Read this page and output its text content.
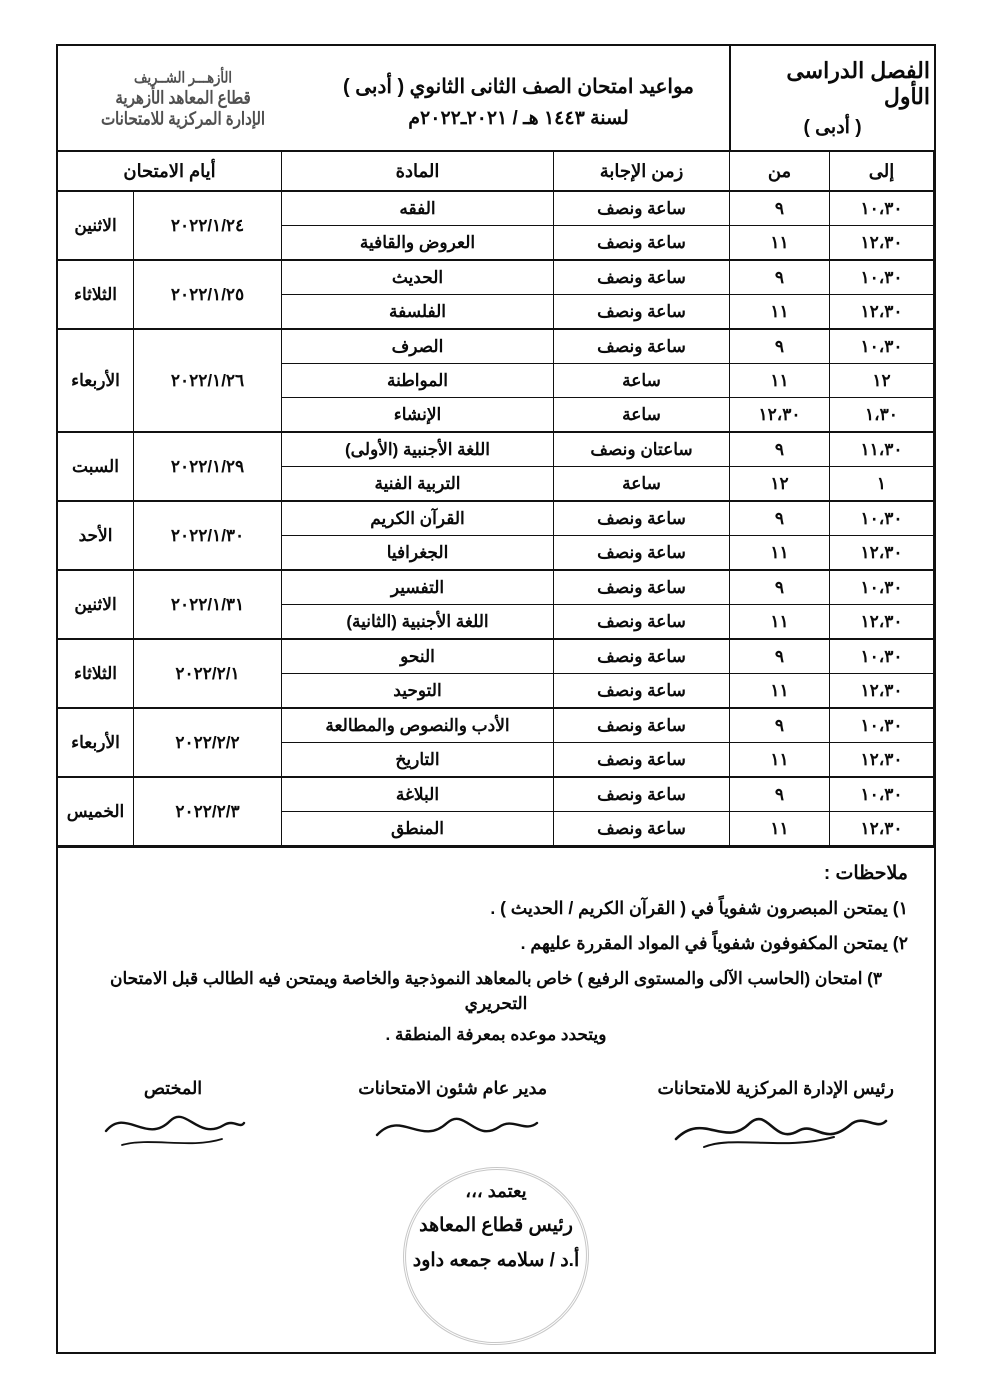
الفصل الدراسى الأول
( أدبى )
مواعيد امتحان الصف الثانى الثانوي ( أدبى )
لسنة ١٤٤٣ هـ / ٢٠٢١ـ٢٠٢٢م
الأزهـــر الشــريف
قطاع المعاهد الأزهرية
الإدارة المركزية للامتحانات
إلى	من	زمن الإجابة	المادة	أيام الامتحان	
١٠،٣٠	٩	ساعة ونصف	الفقه	٢٠٢٢/١/٢٤	الاثنين
١٢،٣٠	١١	ساعة ونصف	العروض والقافية		
١٠،٣٠	٩	ساعة ونصف	الحديث	٢٠٢٢/١/٢٥	الثلاثاء
١٢،٣٠	١١	ساعة ونصف	الفلسفة		
١٠،٣٠	٩	ساعة ونصف	الصرف	٢٠٢٢/١/٢٦	الأربعاء
١٢	١١	ساعة	المواطنة		
١،٣٠	١٢،٣٠	ساعة	الإنشاء		
١١،٣٠	٩	ساعتان ونصف	اللغة الأجنبية (الأولى)	٢٠٢٢/١/٢٩	السبت
١	١٢	ساعة	التربية الفنية		
١٠،٣٠	٩	ساعة ونصف	القرآن الكريم	٢٠٢٢/١/٣٠	الأحد
١٢،٣٠	١١	ساعة ونصف	الجغرافيا		
١٠،٣٠	٩	ساعة ونصف	التفسير	٢٠٢٢/١/٣١	الاثنين
١٢،٣٠	١١	ساعة ونصف	اللغة الأجنبية (الثانية)		
١٠،٣٠	٩	ساعة ونصف	النحو	٢٠٢٢/٢/١	الثلاثاء
١٢،٣٠	١١	ساعة ونصف	التوحيد		
١٠،٣٠	٩	ساعة ونصف	الأدب والنصوص والمطالعة	٢٠٢٢/٢/٢	الأربعاء
١٢،٣٠	١١	ساعة ونصف	التاريخ		
١٠،٣٠	٩	ساعة ونصف	البلاغة	٢٠٢٢/٢/٣	الخميس
١٢،٣٠	١١	ساعة ونصف	المنطق		
ملاحظات :

١) يمتحن المبصرون شفوياً في ( القرآن الكريم / الحديث ) .

٢) يمتحن المكفوفون شفوياً في المواد المقررة عليهم .

٣) امتحان (الحاسب الآلى والمستوى الرفيع ) خاص بالمعاهد النموذجية والخاصة ويمتحن فيه الطالب قبل الامتحان التحريري

ويتحدد موعده بمعرفة المنطقة .

رئيس الإدارة المركزية للامتحانات
مدير عام شئون الامتحانات
المختص
يعتمد ،،،
رئيس قطاع المعاهد
أ.د / سلامه جمعه داود
